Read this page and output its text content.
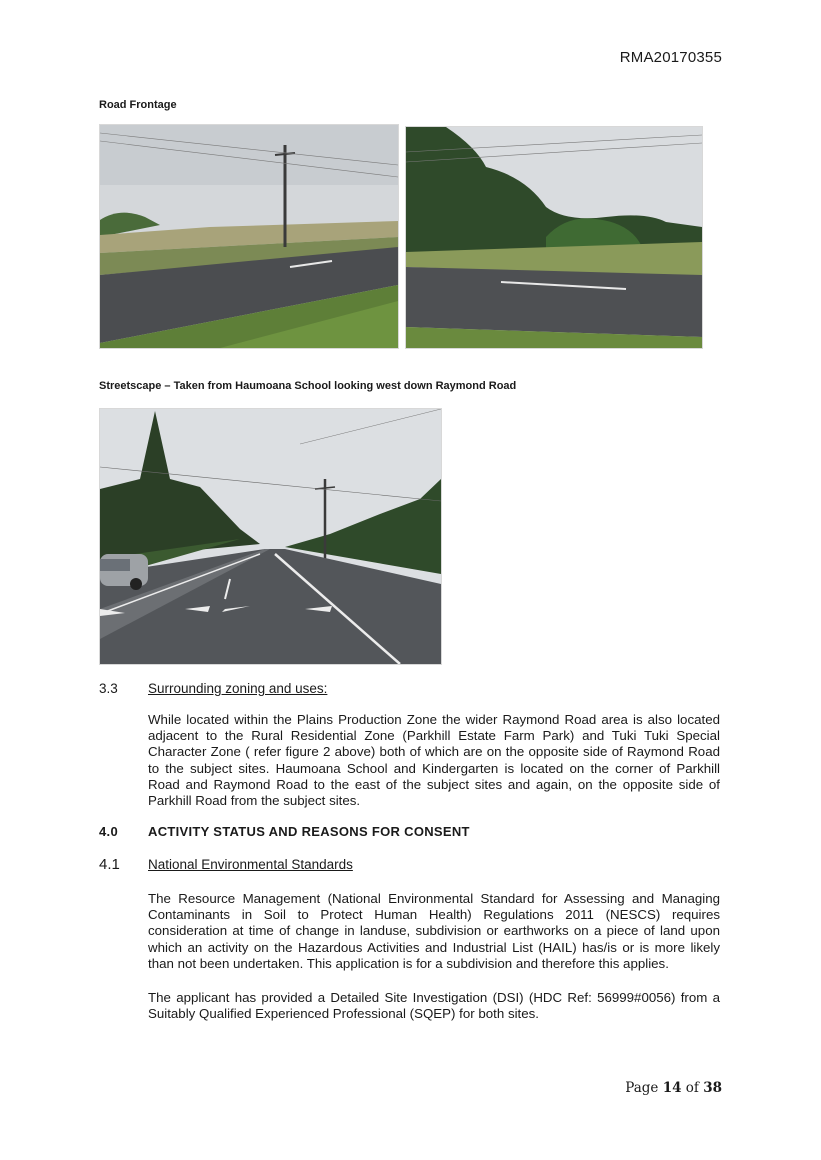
RMA20170355
Road Frontage
Streetscape – Taken from Haumoana School looking west down Raymond Road
3.3 Surrounding zoning and uses:
While located within the Plains Production Zone the wider Raymond Road area is also located adjacent to the Rural Residential Zone (Parkhill Estate Farm Park) and Tuki Tuki Special Character Zone ( refer figure 2 above) both of which are on the opposite side of Raymond Road to the subject sites. Haumoana School and Kindergarten is located on the corner of Parkhill Road and Raymond Road to the east of the subject sites and again, on the opposite side of Parkhill Road from the subject sites.
4.0 ACTIVITY STATUS AND REASONS FOR CONSENT
4.1 National Environmental Standards
The Resource Management (National Environmental Standard for Assessing and Managing Contaminants in Soil to Protect Human Health) Regulations 2011 (NESCS) requires consideration at time of change in landuse, subdivision or earthworks on a piece of land upon which an activity on the Hazardous Activities and Industrial List (HAIL) has/is or is more likely than not been undertaken. This application is for a subdivision and therefore this applies.
The applicant has provided a Detailed Site Investigation (DSI) (HDC Ref: 56999#0056) from a Suitably Qualified Experienced Professional (SQEP) for both sites.
Page 14 of 38
